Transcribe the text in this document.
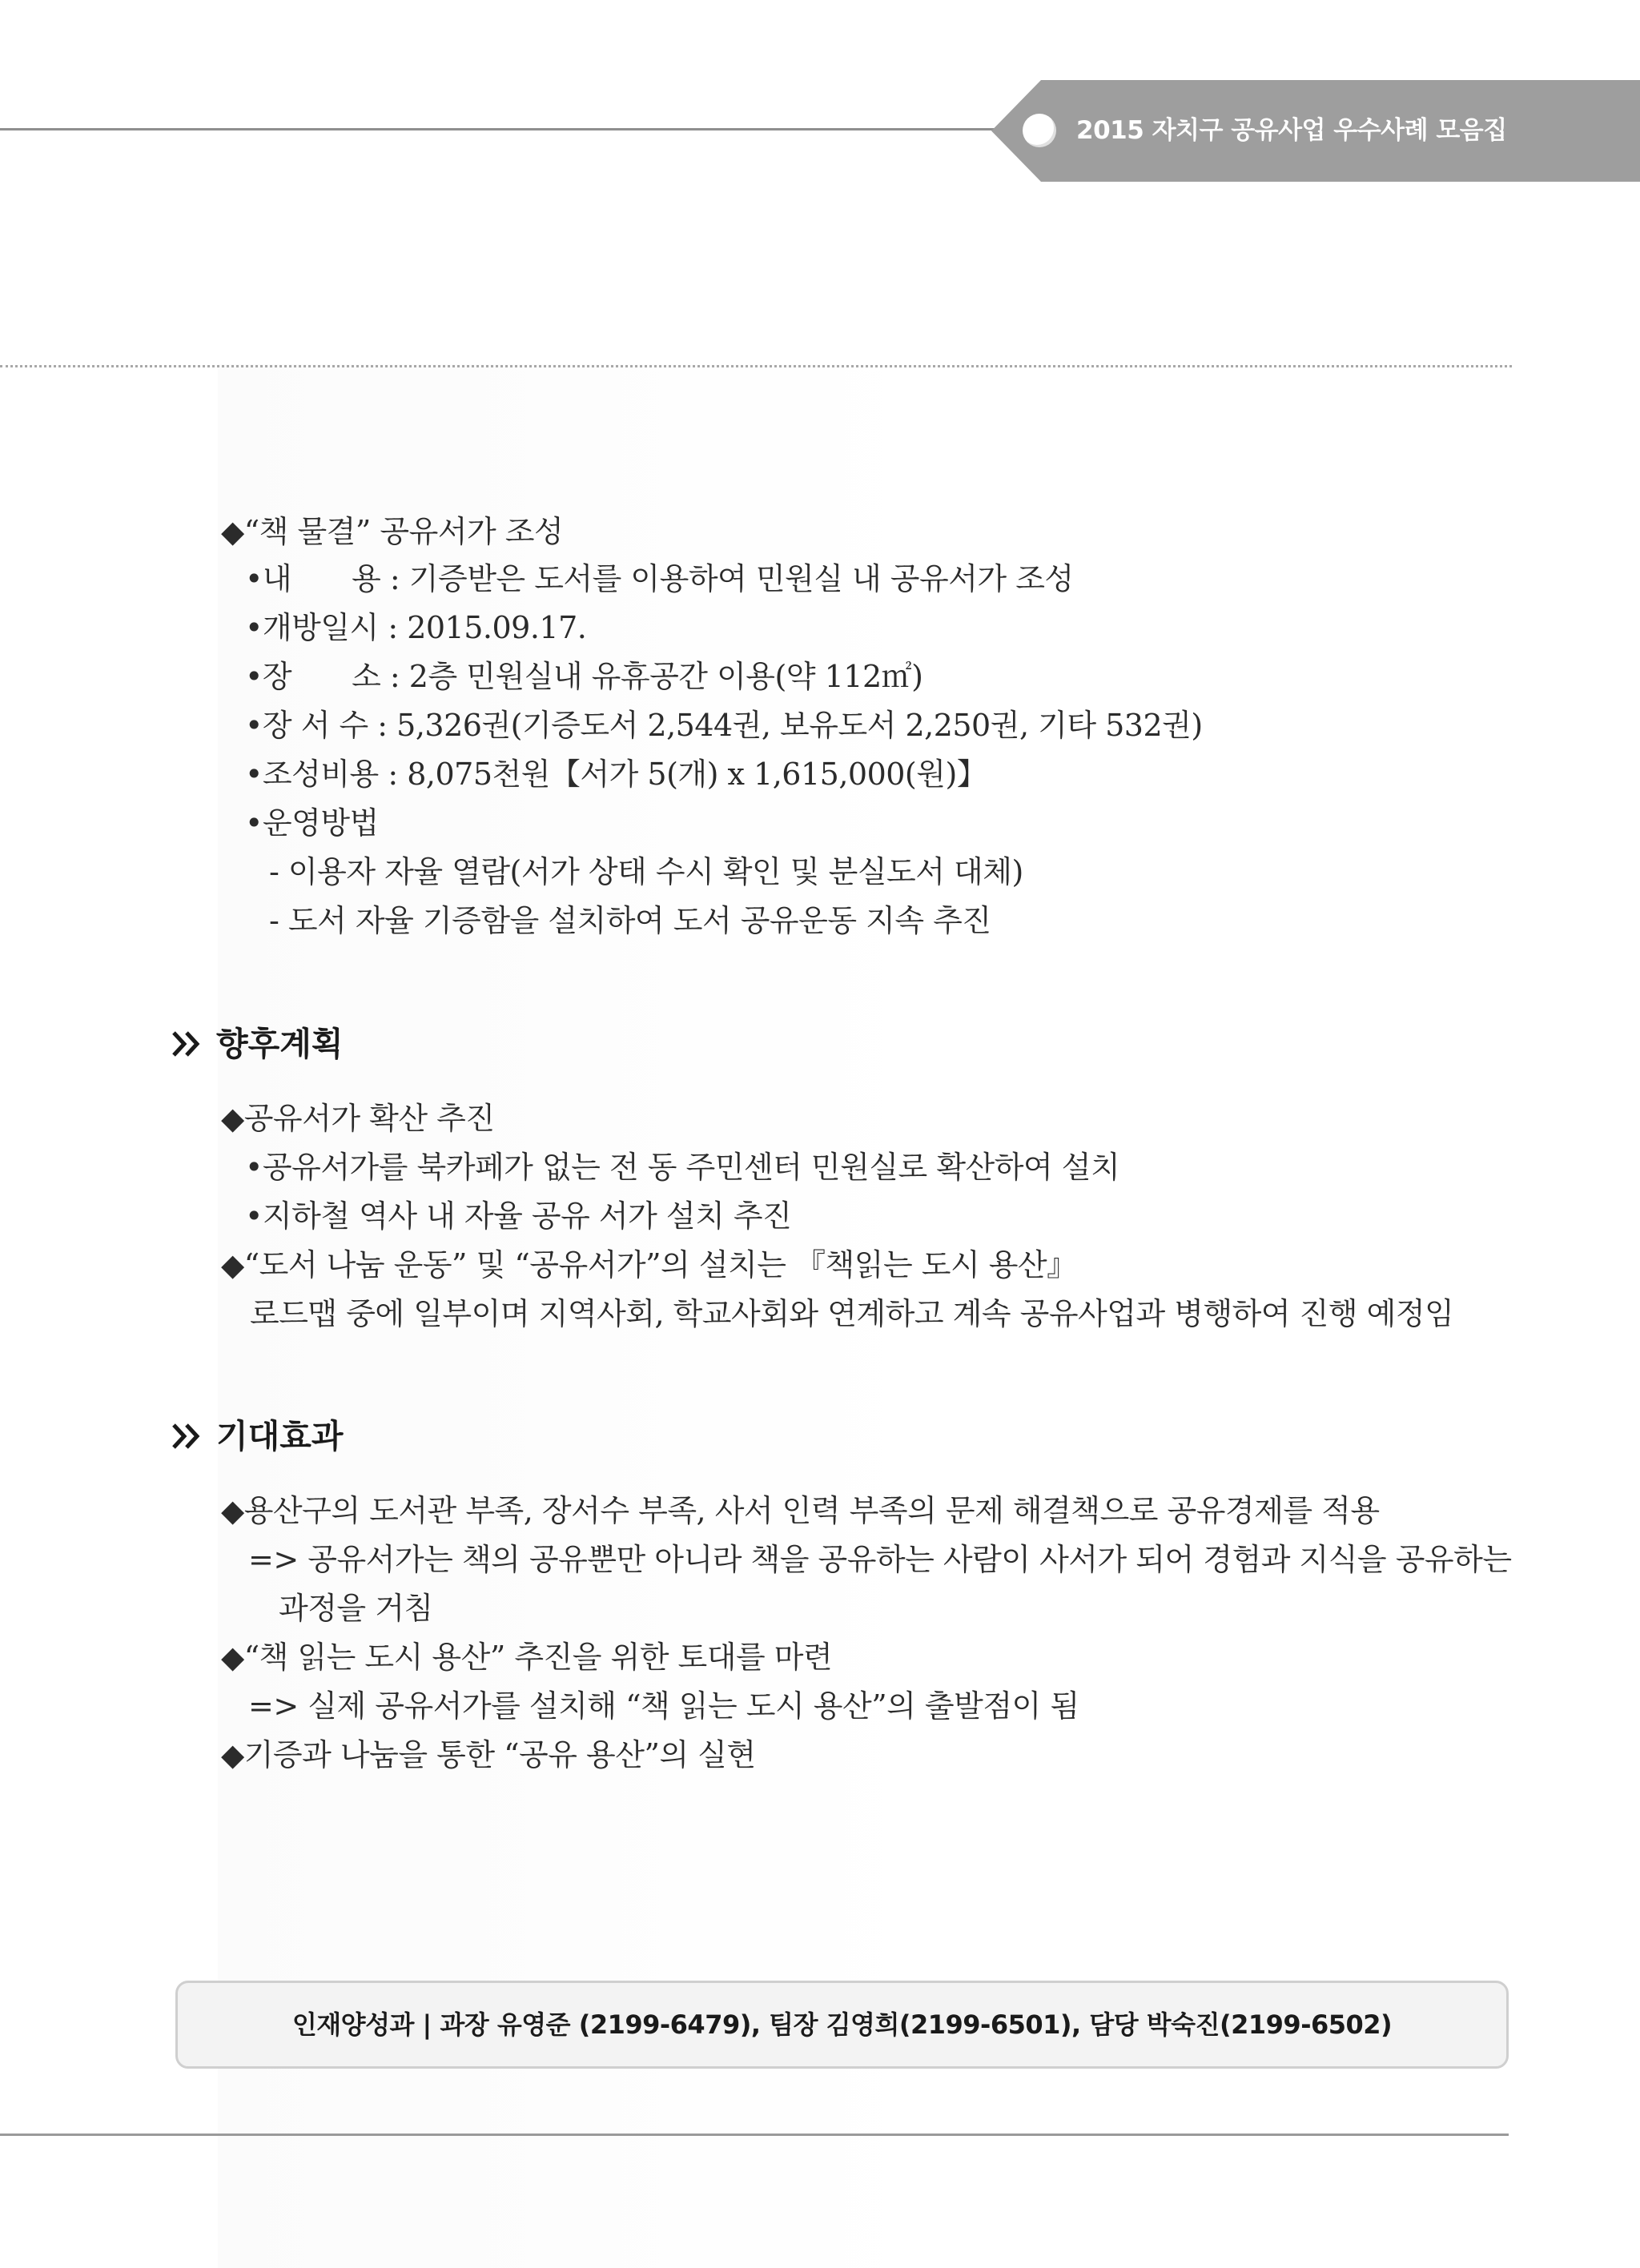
2015 자치구 공유사업 우수사례 모음집
◆“책 물결” 공유서가 조성
•내　　용 : 기증받은 도서를 이용하여 민원실 내 공유서가 조성
•개방일시 : 2015.09.17.
•장　　소 : 2층 민원실내 유휴공간 이용(약 112㎡)
•장 서 수 : 5,326권(기증도서 2,544권, 보유도서 2,250권, 기타 532권)
•조성비용 : 8,075천원【서가 5(개) x 1,615,000(원)】
•운영방법
- 이용자 자율 열람(서가 상태 수시 확인 및 분실도서 대체)
- 도서 자율 기증함을 설치하여 도서 공유운동 지속 추진
향후계획
◆공유서가 확산 추진
•공유서가를 북카페가 없는 전 동 주민센터 민원실로 확산하여 설치
•지하철 역사 내 자율 공유 서가 설치 추진
◆“도서 나눔 운동” 및 “공유서가”의 설치는 『책읽는 도시 용산』
로드맵 중에 일부이며 지역사회, 학교사회와 연계하고 계속 공유사업과 병행하여 진행 예정임
기대효과
◆용산구의 도서관 부족, 장서수 부족, 사서 인력 부족의 문제 해결책으로 공유경제를 적용
=> 공유서가는 책의 공유뿐만 아니라 책을 공유하는 사람이 사서가 되어 경험과 지식을 공유하는
과정을 거침
◆“책 읽는 도시 용산” 추진을 위한 토대를 마련
=> 실제 공유서가를 설치해 “책 읽는 도시 용산”의 출발점이 됨
◆기증과 나눔을 통한 “공유 용산”의 실현
인재양성과 | 과장 유영준 (2199-6479), 팀장 김영희(2199-6501), 담당 박숙진(2199-6502)
